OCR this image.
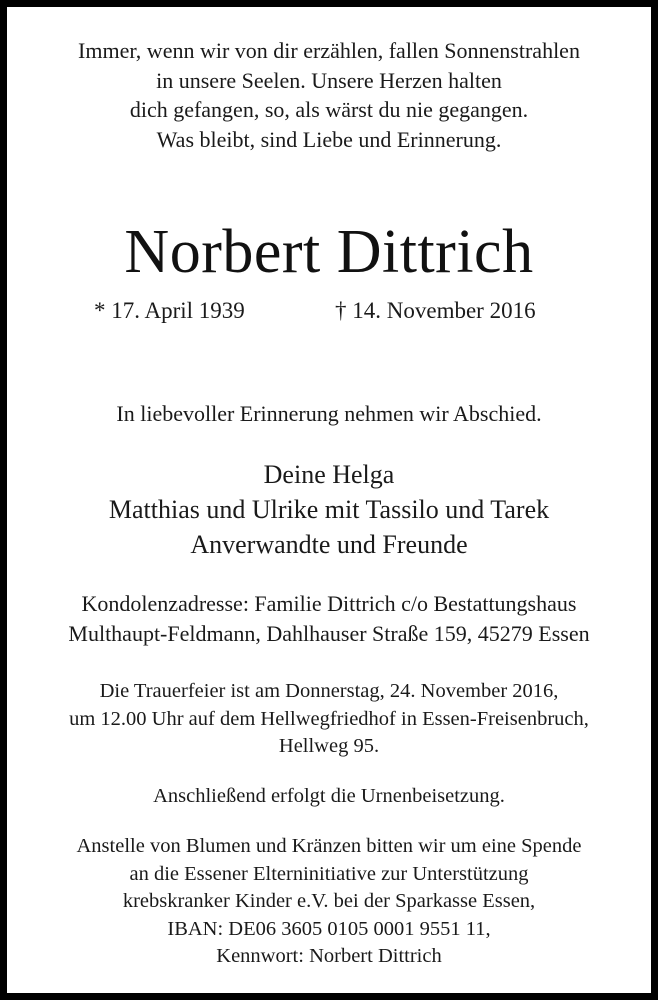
Immer, wenn wir von dir erzählen, fallen Sonnenstrahlen
in unsere Seelen. Unsere Herzen halten
dich gefangen, so, als wärst du nie gegangen.
Was bleibt, sind Liebe und Erinnerung.
Norbert Dittrich
* 17. April 1939	† 14. November 2016
In liebevoller Erinnerung nehmen wir Abschied.
Deine Helga
Matthias und Ulrike mit Tassilo und Tarek
Anverwandte und Freunde
Kondolenzadresse: Familie Dittrich c/o Bestattungshaus
Multhaupt-Feldmann, Dahlhauser Straße 159, 45279 Essen
Die Trauerfeier ist am Donnerstag, 24. November 2016,
um 12.00 Uhr auf dem Hellwegfriedhof in Essen-Freisenbruch,
Hellweg 95.
Anschließend erfolgt die Urnenbeisetzung.
Anstelle von Blumen und Kränzen bitten wir um eine Spende
an die Essener Elterninitiative zur Unterstützung
krebskranker Kinder e.V. bei der Sparkasse Essen,
IBAN: DE06 3605 0105 0001 9551 11,
Kennwort: Norbert Dittrich
